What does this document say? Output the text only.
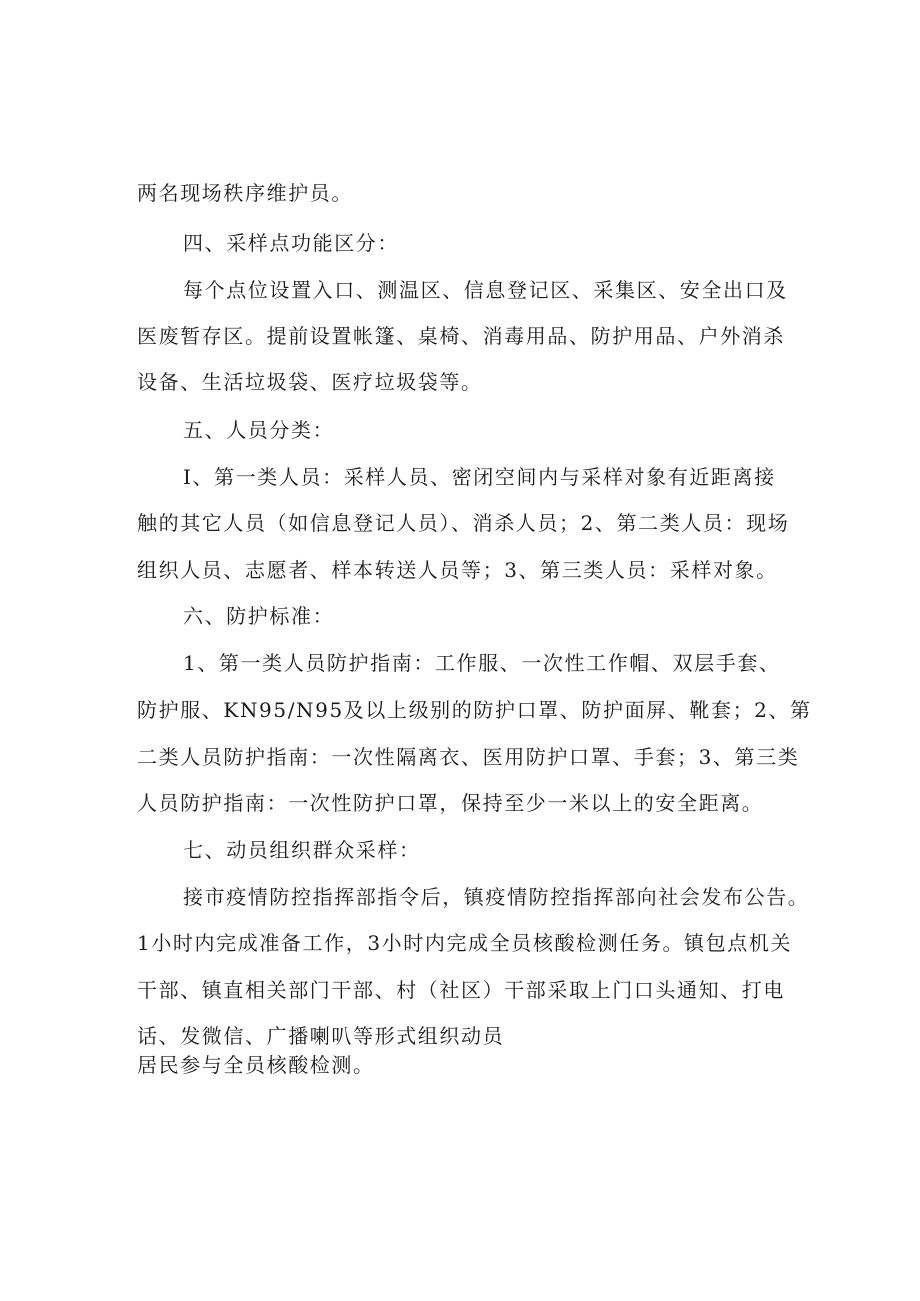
两名现场秩序维护员。
四、采样点功能区分：
每个点位设置入口、测温区、信息登记区、采集区、安全出口及
医废暂存区。提前设置帐篷、桌椅、消毒用品、防护用品、户外消杀
设备、生活垃圾袋、医疗垃圾袋等。
五、人员分类：
I、第一类人员：采样人员、密闭空间内与采样对象有近距离接
触的其它人员（如信息登记人员）、消杀人员；2、第二类人员：现场
组织人员、志愿者、样本转送人员等；3、第三类人员：采样对象。
六、防护标准：
1、第一类人员防护指南：工作服、一次性工作帽、双层手套、
防护服、KN95/N95及以上级别的防护口罩、防护面屏、靴套；2、第
二类人员防护指南：一次性隔离衣、医用防护口罩、手套；3、第三类
人员防护指南：一次性防护口罩，保持至少一米以上的安全距离。
七、动员组织群众采样：
接市疫情防控指挥部指令后，镇疫情防控指挥部向社会发布公告。
1小时内完成准备工作，3小时内完成全员核酸检测任务。镇包点机关
干部、镇直相关部门干部、村（社区）干部采取上门口头通知、打电
话、发微信、广播喇叭等形式组织动员
居民参与全员核酸检测。
